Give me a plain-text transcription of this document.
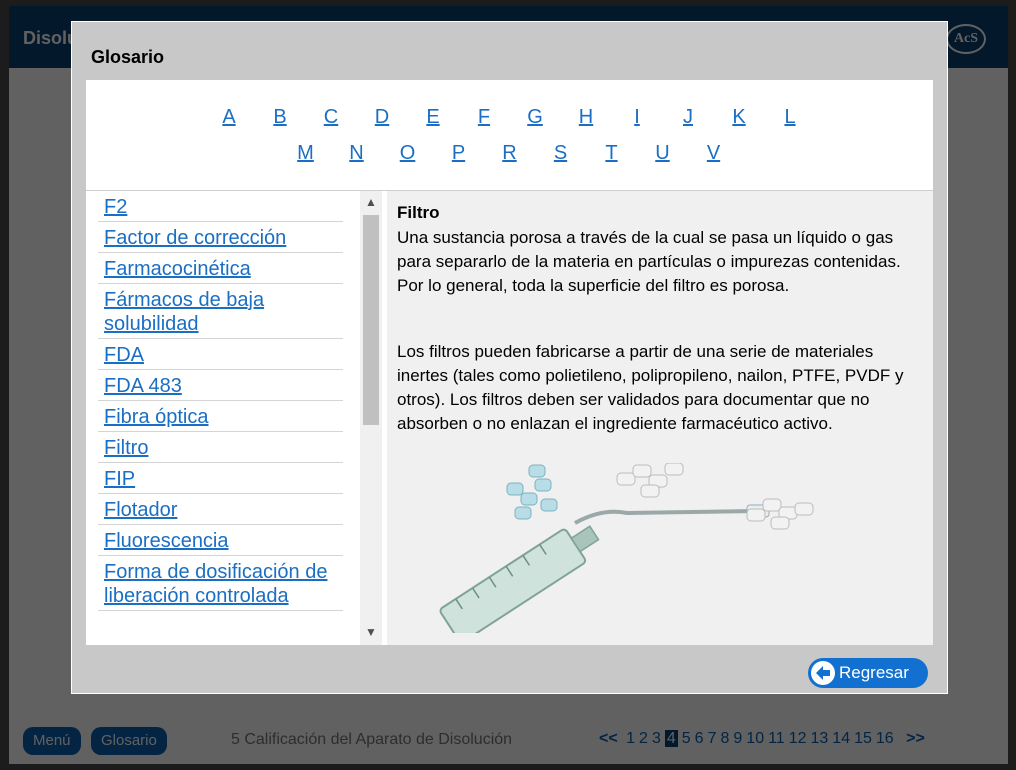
Glosario
A B C D E F G H I J K L
M N O P R S T U V
F2
Factor de corrección
Farmacocinética
Fármacos de baja solubilidad
FDA
FDA 483
Fibra óptica
Filtro
FIP
Flotador
Fluorescencia
Forma de dosificación de liberación controlada
▲
▼
Filtro

Una sustancia porosa a través de la cual se pasa un líquido o gas para separarlo de la materia en partículas o impurezas contenidas. Por lo general, toda la superficie del filtro es porosa.

Los filtros pueden fabricarse a partir de una serie de materiales inertes (tales como polietileno, polipropileno, nailon, PTFE, PVDF y otros). Los filtros deben ser validados para documentar que no absorben o no enlazan el ingrediente farmacéutico activo.

Regresar
